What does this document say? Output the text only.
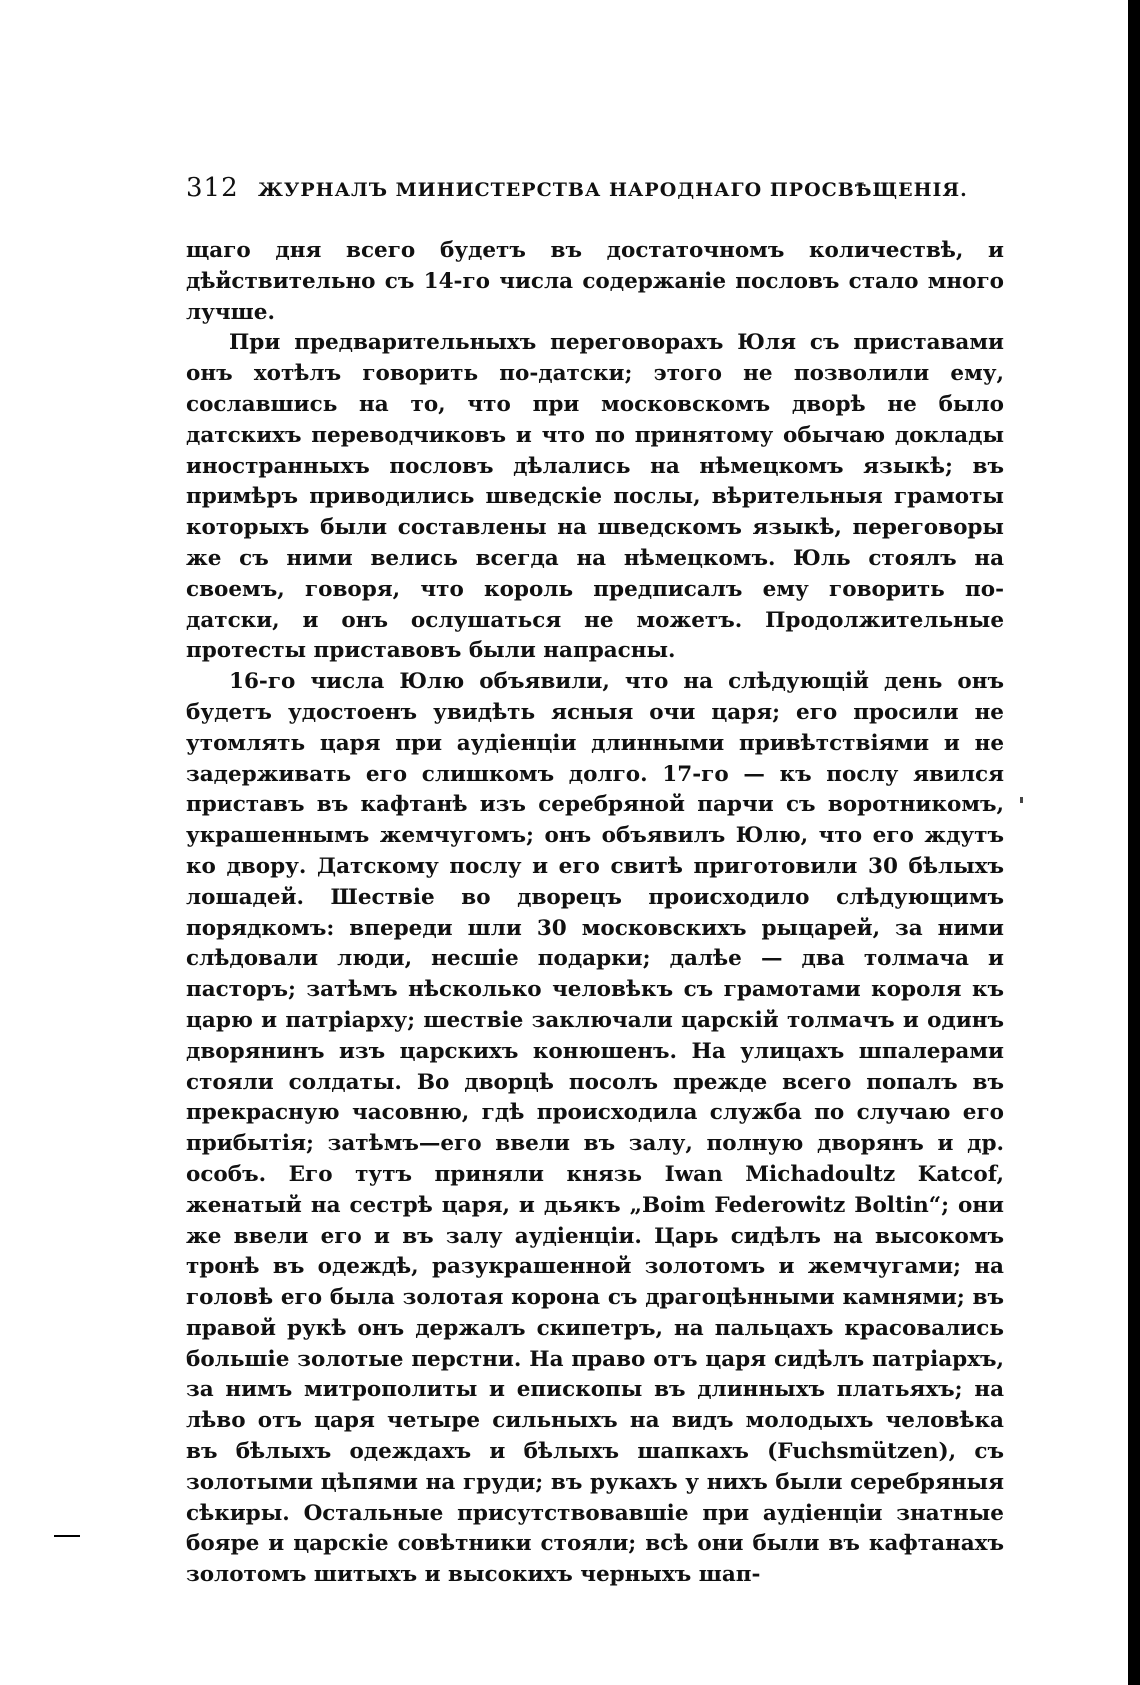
312 ЖУРНАЛЪ МИНИСТЕРСТВА НАРОДНАГО ПРОСВѢЩЕНІЯ.

щаго дня всего будетъ въ достаточномъ количествѣ, и дѣйствительно съ 14-го числа содержаніе пословъ стало много лучше.

При предварительныхъ переговорахъ Юля съ приставами онъ хотѣлъ говорить по-датски; этого не позволили ему, сославшись на то, что при московскомъ дворѣ не было датскихъ переводчиковъ и что по принятому обычаю доклады иностранныхъ пословъ дѣлались на нѣмецкомъ языкѣ; въ примѣръ приводились шведскіе послы, вѣрительныя грамоты которыхъ были составлены на шведскомъ языкѣ, переговоры же съ ними велись всегда на нѣмецкомъ. Юль стоялъ на своемъ, говоря, что король предписалъ ему говорить по-датски, и онъ ослушаться не можетъ. Продолжительные протесты приставовъ были напрасны.

16-го числа Юлю объявили, что на слѣдующій день онъ будетъ удостоенъ увидѣть ясныя очи царя; его просили не утомлять царя при аудіенціи длинными привѣтствіями и не задерживать его слишкомъ долго. 17-го — къ послу явился приставъ въ кафтанѣ изъ серебряной парчи съ воротникомъ, украшеннымъ жемчугомъ; онъ объявилъ Юлю, что его ждутъ ко двору. Датскому послу и его свитѣ приготовили 30 бѣлыхъ лошадей. Шествіе во дворецъ происходило слѣдующимъ порядкомъ: впереди шли 30 московскихъ рыцарей, за ними слѣдовали люди, несшіе подарки; далѣе — два толмача и пасторъ; затѣмъ нѣсколько человѣкъ съ грамотами короля къ царю и патріарху; шествіе заключали царскій толмачъ и одинъ дворянинъ изъ царскихъ конюшенъ. На улицахъ шпалерами стояли солдаты. Во дворцѣ посолъ прежде всего попалъ въ прекрасную часовню, гдѣ происходила служба по случаю его прибытія; затѣмъ—его ввели въ залу, полную дворянъ и др. особъ. Его тутъ приняли князь Iwan Michadoultz Katcof, женатый на сестрѣ царя, и дьякъ „Boim Federowitz Boltin“; они же ввели его и въ залу аудіенціи. Царь сидѣлъ на высокомъ тронѣ въ одеждѣ, разукрашенной золотомъ и жемчугами; на головѣ его была золотая корона съ драгоцѣнными камнями; въ правой рукѣ онъ держалъ скипетръ, на пальцахъ красовались большіе золотые перстни. На право отъ царя сидѣлъ патріархъ, за нимъ митрополиты и епископы въ длинныхъ платьяхъ; на лѣво отъ царя четыре сильныхъ на видъ молодыхъ человѣка въ бѣлыхъ одеждахъ и бѣлыхъ шапкахъ (Fuchsmützen), съ золотыми цѣпями на груди; въ рукахъ у нихъ были серебряныя сѣкиры. Остальные присутствовавшіе при аудіенціи знатные бояре и царскіе совѣтники стояли; всѣ они были въ кафтанахъ золотомъ шитыхъ и высокихъ черныхъ шап-
